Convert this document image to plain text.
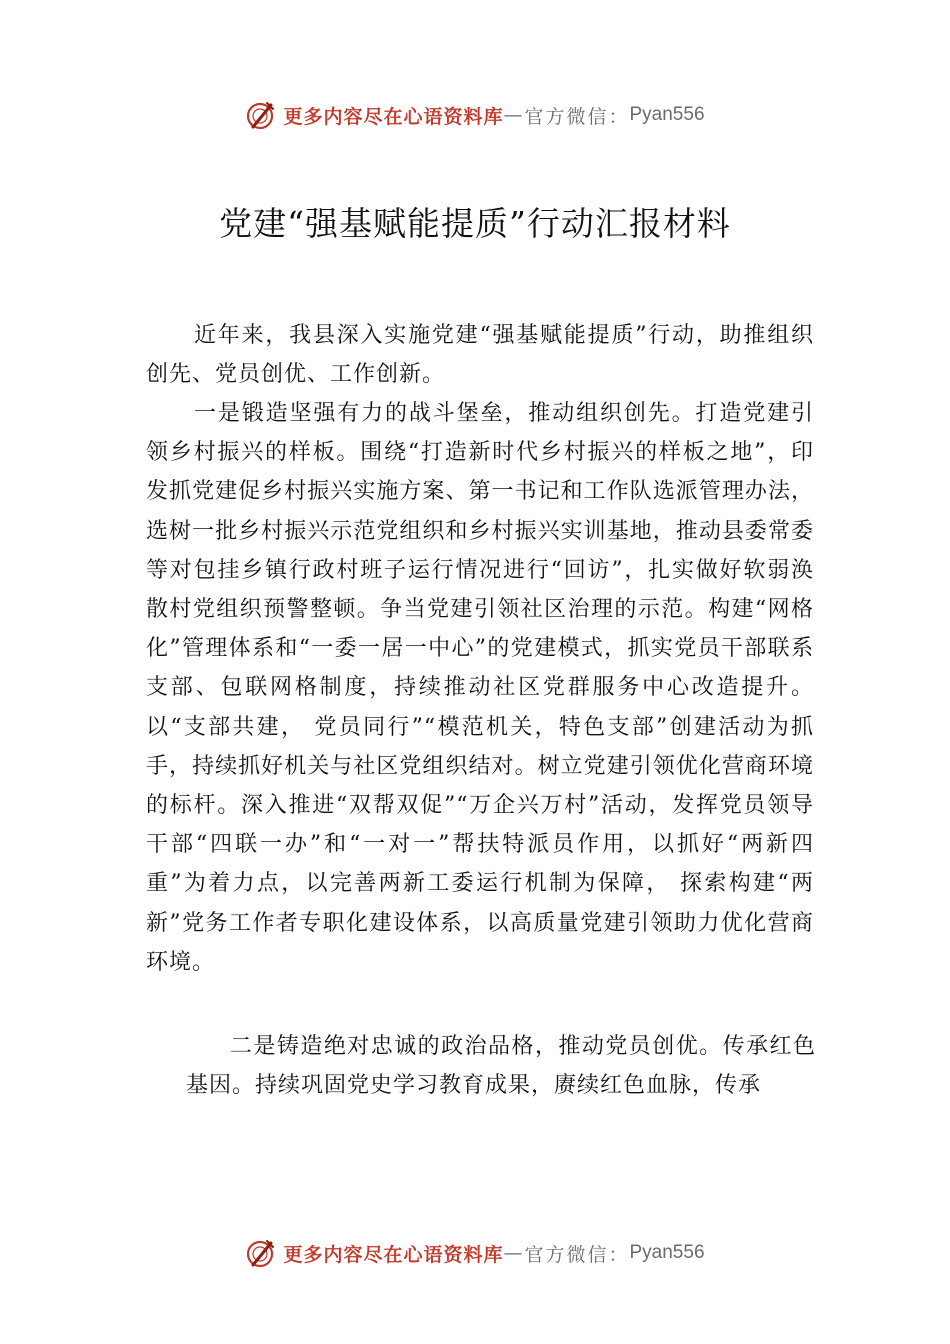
更多内容尽在心语资料库 — 官方微信： Pyan556
党建“强基赋能提质”行动汇报材料

近年来，我县深入实施党建“强基赋能提质”行动，助推组织创先、党员创优、工作创新。

一是锻造坚强有力的战斗堡垒，推动组织创先。打造党建引领乡村振兴的样板。围绕“打造新时代乡村振兴的样板之地”，印发抓党建促乡村振兴实施方案、第一书记和工作队选派管理办法，选树一批乡村振兴示范党组织和乡村振兴实训基地，推动县委常委等对包挂乡镇行政村班子运行情况进行“回访”，扎实做好软弱涣散村党组织预警整顿。争当党建引领社区治理的示范。构建“网格化”管理体系和“一委一居一中心”的党建模式，抓实党员干部联系支部、包联网格制度，持续推动社区党群服务中心改造提升。以“支部共建， 党员同行”“模范机关，特色支部”创建活动为抓手，持续抓好机关与社区党组织结对。树立党建引领优化营商环境的标杆。深入推进“双帮双促”“万企兴万村”活动，发挥党员领导干部“四联一办”和“一对一”帮扶特派员作用，以抓好“两新四重”为着力点，以完善两新工委运行机制为保障， 探索构建“两新”党务工作者专职化建设体系，以高质量党建引领助力优化营商环境。

二是铸造绝对忠诚的政治品格，推动党员创优。传承红色基因。持续巩固党史学习教育成果，赓续红色血脉，传承

更多内容尽在心语资料库 — 官方微信： Pyan556
